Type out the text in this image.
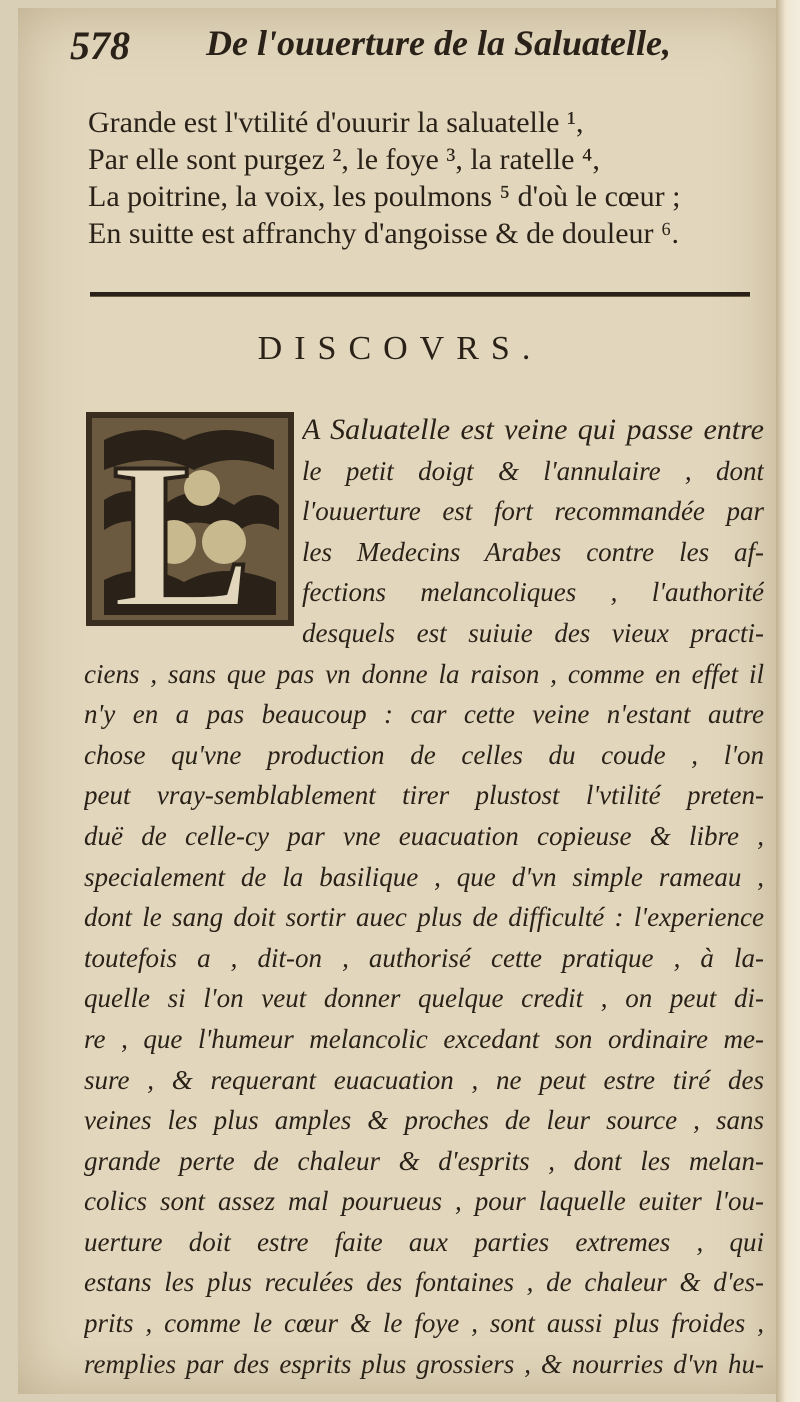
578 De l'ouuerture de la Saluatelle,
Grande est l'vtilité d'ouurir la saluatelle ¹,
Par elle sont purgez ², le foye ³, la ratelle ⁴,
La poitrine, la voix, les poulmons ⁵ d'où le cœur ;
En suitte est affranchy d'angoisse & de douleur ⁶.
DISCOVRS.
L A Saluatelle est veine qui passe entre
le petit doigt & l'annulaire , dont
l'ouuerture est fort recommandée par
les Medecins Arabes contre les af-
fections melancoliques , l'authorité
desquels est suiuie des vieux practi-
ciens , sans que pas vn donne la raison , comme en effet il
n'y en a pas beaucoup : car cette veine n'estant autre
chose qu'vne production de celles du coude , l'on
peut vray-semblablement tirer plustost l'vtilité preten-
duë de celle-cy par vne euacuation copieuse & libre ,
specialement de la basilique , que d'vn simple rameau ,
dont le sang doit sortir auec plus de difficulté : l'experience
toutefois a , dit-on , authorisé cette pratique , à la-
quelle si l'on veut donner quelque credit , on peut di-
re , que l'humeur melancolic excedant son ordinaire me-
sure , & requerant euacuation , ne peut estre tiré des
veines les plus amples & proches de leur source , sans
grande perte de chaleur & d'esprits , dont les melan-
colics sont assez mal pourueus , pour laquelle euiter l'ou-
uerture doit estre faite aux parties extremes , qui
estans les plus reculées des fontaines , de chaleur & d'es-
prits , comme le cœur & le foye , sont aussi plus froides ,
remplies par des esprits plus grossiers , & nourries d'vn hu-
